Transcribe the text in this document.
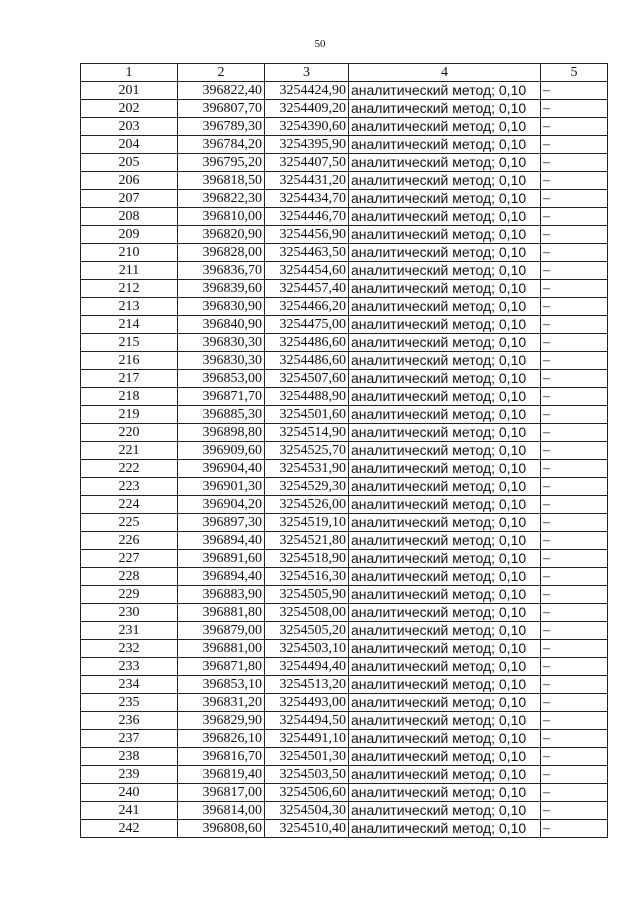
50
1	2	3	4	5
201	396822,40	3254424,90	аналитический метод; 0,10	–
202	396807,70	3254409,20	аналитический метод; 0,10	–
203	396789,30	3254390,60	аналитический метод; 0,10	–
204	396784,20	3254395,90	аналитический метод; 0,10	–
205	396795,20	3254407,50	аналитический метод; 0,10	–
206	396818,50	3254431,20	аналитический метод; 0,10	–
207	396822,30	3254434,70	аналитический метод; 0,10	–
208	396810,00	3254446,70	аналитический метод; 0,10	–
209	396820,90	3254456,90	аналитический метод; 0,10	–
210	396828,00	3254463,50	аналитический метод; 0,10	–
211	396836,70	3254454,60	аналитический метод; 0,10	–
212	396839,60	3254457,40	аналитический метод; 0,10	–
213	396830,90	3254466,20	аналитический метод; 0,10	–
214	396840,90	3254475,00	аналитический метод; 0,10	–
215	396830,30	3254486,60	аналитический метод; 0,10	–
216	396830,30	3254486,60	аналитический метод; 0,10	–
217	396853,00	3254507,60	аналитический метод; 0,10	–
218	396871,70	3254488,90	аналитический метод; 0,10	–
219	396885,30	3254501,60	аналитический метод; 0,10	–
220	396898,80	3254514,90	аналитический метод; 0,10	–
221	396909,60	3254525,70	аналитический метод; 0,10	–
222	396904,40	3254531,90	аналитический метод; 0,10	–
223	396901,30	3254529,30	аналитический метод; 0,10	–
224	396904,20	3254526,00	аналитический метод; 0,10	–
225	396897,30	3254519,10	аналитический метод; 0,10	–
226	396894,40	3254521,80	аналитический метод; 0,10	–
227	396891,60	3254518,90	аналитический метод; 0,10	–
228	396894,40	3254516,30	аналитический метод; 0,10	–
229	396883,90	3254505,90	аналитический метод; 0,10	–
230	396881,80	3254508,00	аналитический метод; 0,10	–
231	396879,00	3254505,20	аналитический метод; 0,10	–
232	396881,00	3254503,10	аналитический метод; 0,10	–
233	396871,80	3254494,40	аналитический метод; 0,10	–
234	396853,10	3254513,20	аналитический метод; 0,10	–
235	396831,20	3254493,00	аналитический метод; 0,10	–
236	396829,90	3254494,50	аналитический метод; 0,10	–
237	396826,10	3254491,10	аналитический метод; 0,10	–
238	396816,70	3254501,30	аналитический метод; 0,10	–
239	396819,40	3254503,50	аналитический метод; 0,10	–
240	396817,00	3254506,60	аналитический метод; 0,10	–
241	396814,00	3254504,30	аналитический метод; 0,10	–
242	396808,60	3254510,40	аналитический метод; 0,10	–
